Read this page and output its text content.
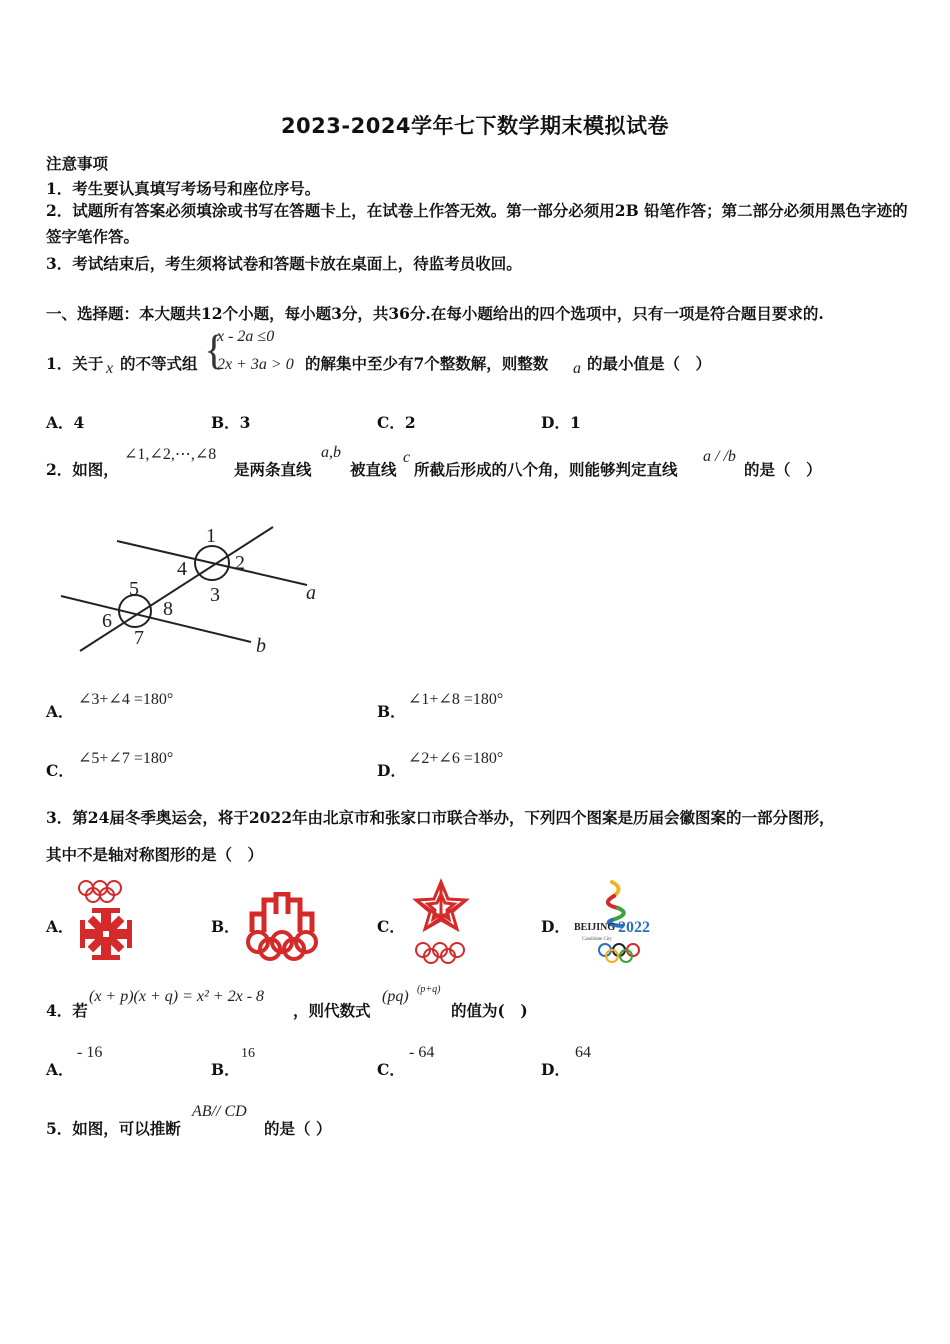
2023-2024学年七下数学期末模拟试卷
注意事项
1．考生要认真填写考场号和座位序号。
2．试题所有答案必须填涂或书写在答题卡上，在试卷上作答无效。第一部分必须用2B 铅笔作答；第二部分必须用黑色字迹的签字笔作答。
3．考试结束后，考生须将试卷和答题卡放在桌面上，待监考员收回。
一、选择题：本大题共12个小题，每小题3分，共36分.在每小题给出的四个选项中，只有一项是符合题目要求的.
1．关于 x 的不等式组 {
x - 2a ≤0
2x + 3a > 0 的解集中至少有7个整数解，则整数 a 的最小值是（　）
A．4	B．3	C．2	D．1
2．如图，
∠1,∠2,⋯,∠8
是两条直线
a,b
被直线
c
所截后形成的八个角，则能够判定直线
a / /b
的是（　）
1
2
3
4
5
6
7
8
a
b
A．
∠3+∠4 =180°
B．
∠1+∠8 =180°
C．
∠5+∠7 =180°
D．
∠2+∠6 =180°
3．第24届冬季奥运会，将于2022年由北京市和张家口市联合举办，下列四个图案是历届会徽图案的一部分图形，
其中不是轴对称图形的是（　）
A．	B．	C．	D． BEIJING 2022
Candidate City
4．若
(x + p)(x + q) = x² + 2x - 8
，则代数式
(pq) (p+q)
的值为(　)
A．
- 16
B．
16
C．
- 64
D．
64
5．如图，可以推断
AB// CD
的是（ ）
